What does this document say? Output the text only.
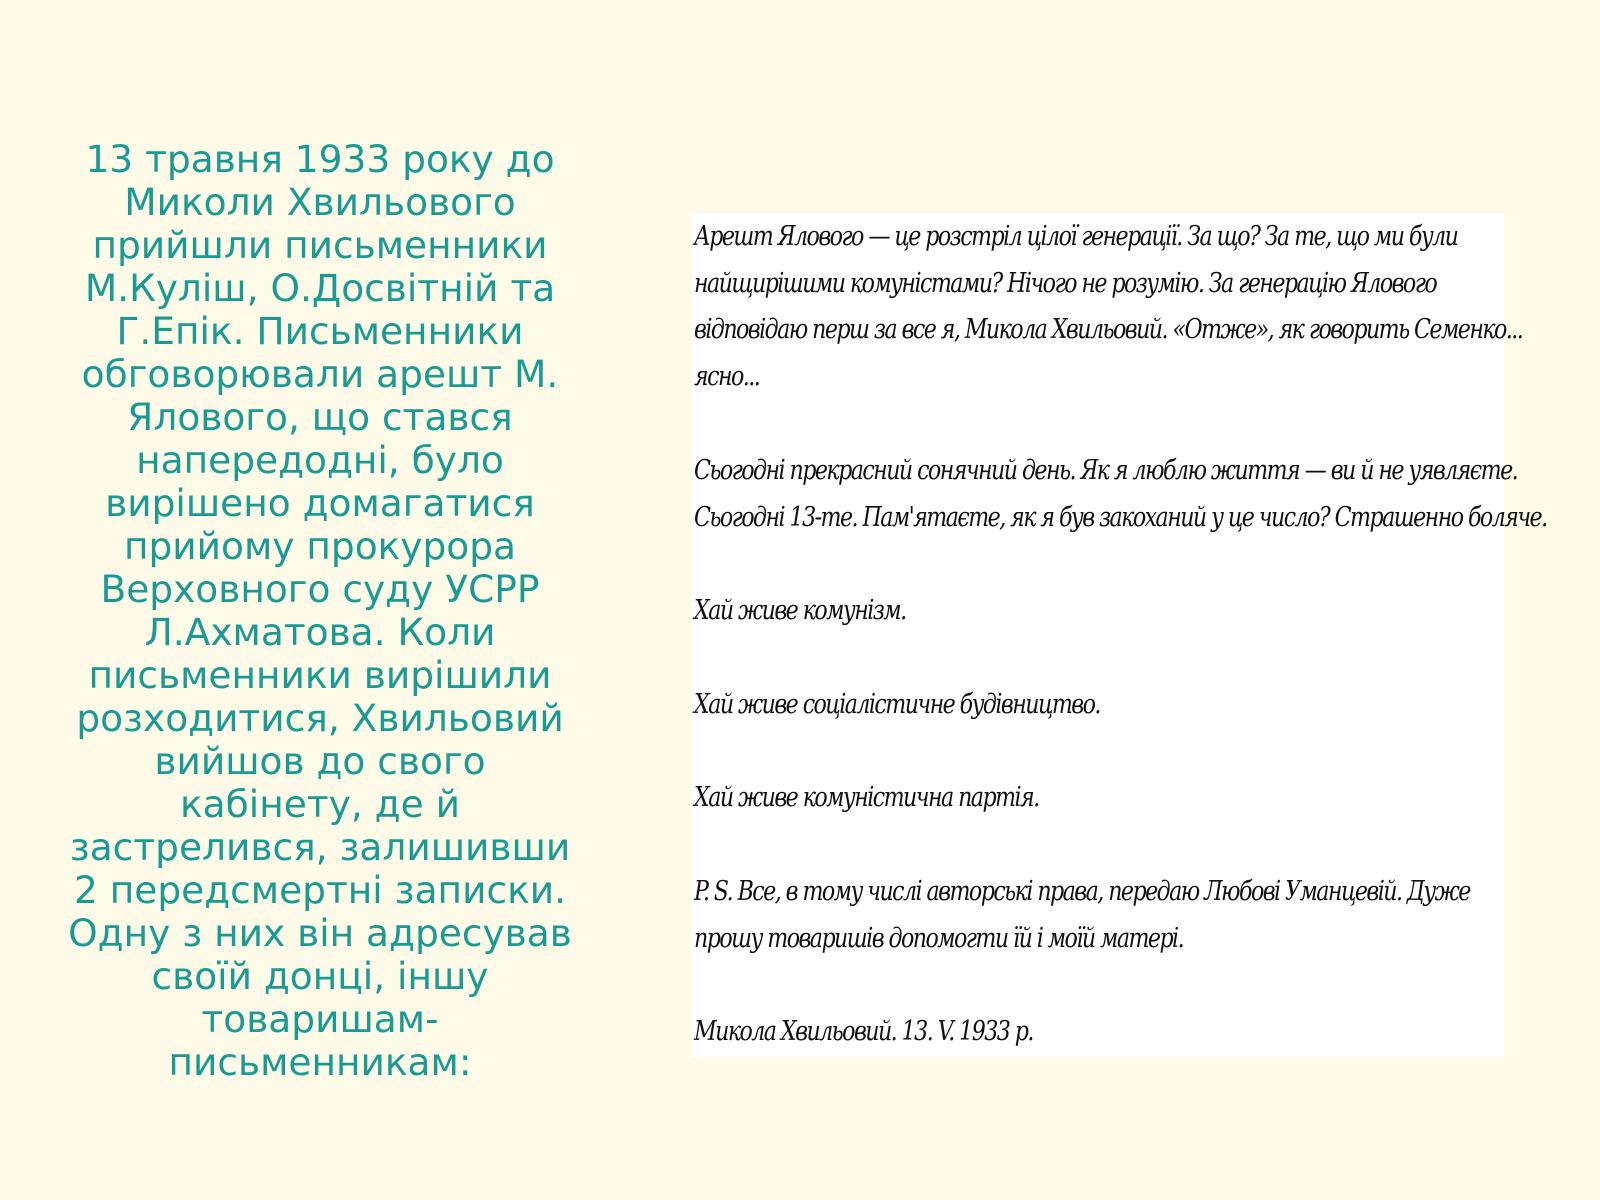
13 травня 1933 року до
Миколи Хвильового
прийшли письменники
М.Куліш, О.Досвітній та
Г.Епік. Письменники
обговорювали арешт М.
Ялового, що стався
напередодні, було
вирішено домагатися
прийому прокурора
Верховного суду УСРР
Л.Ахматова. Коли
письменники вирішили
розходитися, Хвильовий
вийшов до свого
кабінету, де й
застрелився, залишивши
2 передсмертні записки.
Одну з них він адресував
своїй донці, іншу
товаришам-
письменникам:

Арешт Ялового — це розстріл цілої генерації. За що? За те, що ми були
найщирішими комуністами? Нічого не розумію. За генерацію Ялового
відповідаю перш за все я, Микола Хвильовий. «Отже», як говорить Семенко...
ясно...
Сьогодні прекрасний сонячний день. Як я люблю життя — ви й не уявляєте.
Сьогодні 13-те. Пам'ятаєте, як я був закоханий у це число? Страшенно боляче.
Хай живе комунізм.
Хай живе соціалістичне будівництво.
Хай живе комуністична партія.
P. S. Все, в тому числі авторські права, передаю Любові Уманцевій. Дуже
прошу товаришів допомогти їй і моїй матері.
Микола Хвильовий. 13. V. 1933 р.
